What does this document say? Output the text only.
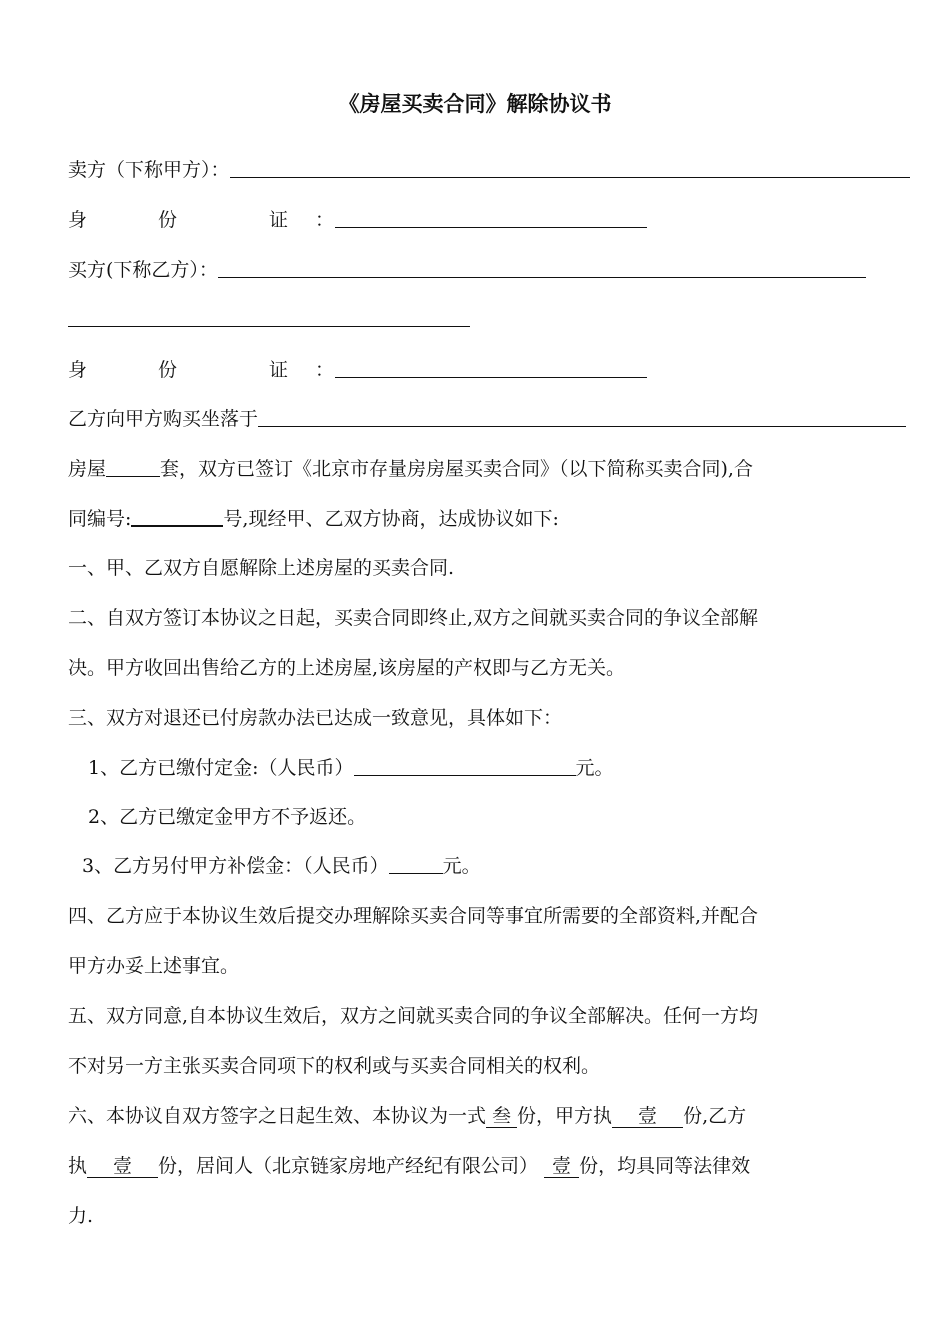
《房屋买卖合同》解除协议书
卖方（下称甲方）：
身	份	证 ：
买方(下称乙方）：
身	份	证 ：
乙方向甲方购买坐落于
房屋	套，双方已签订《北京市存量房房屋买卖合同》（以下简称买卖合同),合
同编号:	号,现经甲、乙双方协商，达成协议如下:
一、甲、乙双方自愿解除上述房屋的买卖合同.
二、自双方签订本协议之日起，买卖合同即终止,双方之间就买卖合同的争议全部解
决。甲方收回出售给乙方的上述房屋,该房屋的产权即与乙方无关。
三、双方对退还已付房款办法已达成一致意见，具体如下：
1、乙方已缴付定金:（人民币）	元。
2、乙方已缴定金甲方不予返还。
3、乙方另付甲方补偿金：（人民币）	元。
四、乙方应于本协议生效后提交办理解除买卖合同等事宜所需要的全部资料,并配合
甲方办妥上述事宜。
五、双方同意,自本协议生效后，双方之间就买卖合同的争议全部解决。任何一方均
不对另一方主张买卖合同项下的权利或与买卖合同相关的权利。
六、本协议自双方签字之日起生效、本协议为一式 叁 份，甲方执 壹 份,乙方
执 壹 份，居间人（北京链家房地产经纪有限公司） 壹 份，均具同等法律效
力.
